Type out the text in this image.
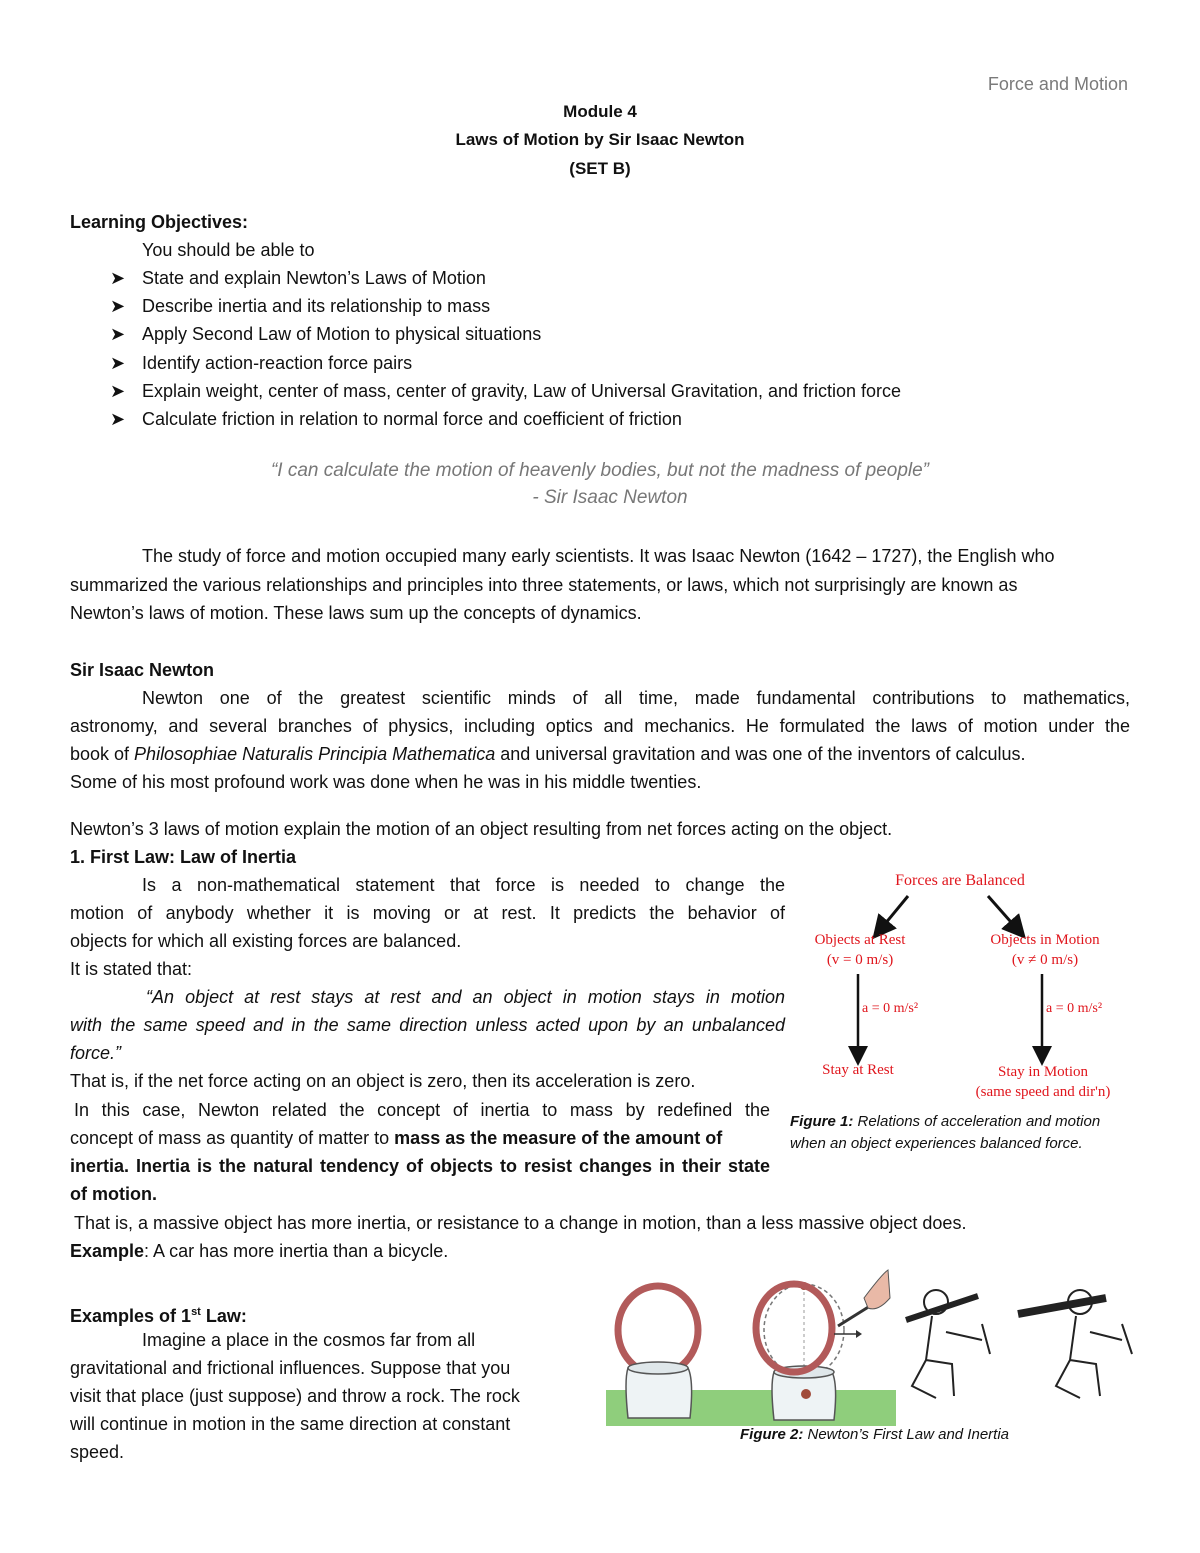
Force and Motion
Module 4
Laws of Motion by Sir Isaac Newton
(SET B)
Learning Objectives:
You should be able to
➤ State and explain Newton’s Laws of Motion
➤ Describe inertia and its relationship to mass
➤ Apply Second Law of Motion to physical situations
➤ Identify action-reaction force pairs
➤ Explain weight, center of mass, center of gravity, Law of Universal Gravitation, and friction force
➤ Calculate friction in relation to normal force and coefficient of friction
“I can calculate the motion of heavenly bodies, but not the madness of people”
- Sir Isaac Newton
The study of force and motion occupied many early scientists. It was Isaac Newton (1642 – 1727), the English who
summarized the various relationships and principles into three statements, or laws, which not surprisingly are known as
Newton’s laws of motion. These laws sum up the concepts of dynamics.
Sir Isaac Newton
Newton one of the greatest scientific minds of all time, made fundamental contributions to mathematics,
astronomy, and several branches of physics, including optics and mechanics. He formulated the laws of motion under the
book of Philosophiae Naturalis Principia Mathematica and universal gravitation and was one of the inventors of calculus.
Some of his most profound work was done when he was in his middle twenties.
Newton’s 3 laws of motion explain the motion of an object resulting from net forces acting on the object.
1. First Law: Law of Inertia
Is a non-mathematical statement that force is needed to change the
motion of anybody whether it is moving or at rest. It predicts the behavior of
objects for which all existing forces are balanced.
It is stated that:
“An object at rest stays at rest and an object in motion stays in motion
with the same speed and in the same direction unless acted upon by an unbalanced
force.”
That is, if the net force acting on an object is zero, then its acceleration is zero.
In this case, Newton related the concept of inertia to mass by redefined the
concept of mass as quantity of matter to mass as the measure of the amount of
inertia. Inertia is the natural tendency of objects to resist changes in their state
of motion.
That is, a massive object has more inertia, or resistance to a change in motion, than a less massive object does.
Example: A car has more inertia than a bicycle.
Forces are Balanced
Objects at Rest
(v = 0 m/s)
Objects in Motion
(v ≠ 0 m/s)
a = 0 m/s²	a = 0 m/s²
Stay at Rest	Stay in Motion
(same speed and dir'n)
Figure 1: Relations of acceleration and motion
when an object experiences balanced force.
Examples of 1st Law:
Imagine a place in the cosmos far from all
gravitational and frictional influences. Suppose that you
visit that place (just suppose) and throw a rock. The rock
will continue in motion in the same direction at constant
speed.
Figure 2: Newton’s First Law and Inertia
